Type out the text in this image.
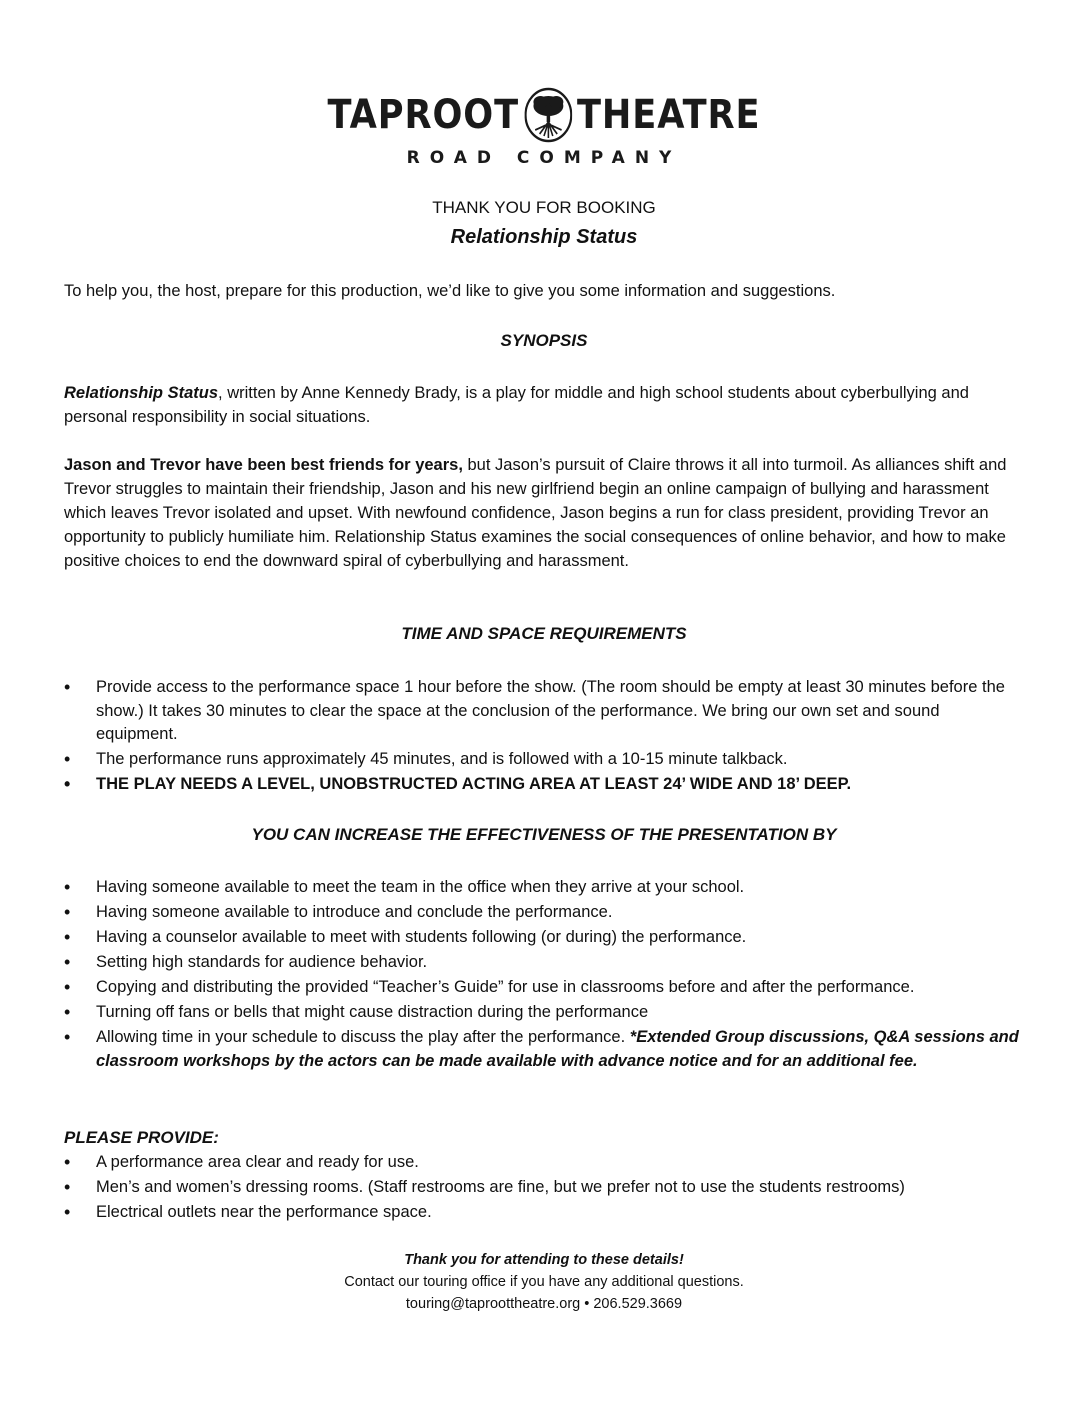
TAPROOT THEATRE
ROAD COMPANY
THANK YOU FOR BOOKING
Relationship Status
To help you, the host, prepare for this production, we’d like to give you some information and suggestions.
SYNOPSIS
Relationship Status, written by Anne Kennedy Brady, is a play for middle and high school students about cyberbullying and personal responsibility in social situations.
Jason and Trevor have been best friends for years, but Jason’s pursuit of Claire throws it all into turmoil. As alliances shift and Trevor struggles to maintain their friendship, Jason and his new girlfriend begin an online campaign of bullying and harassment which leaves Trevor isolated and upset. With newfound confidence, Jason begins a run for class president, providing Trevor an opportunity to publicly humiliate him. Relationship Status examines the social consequences of online behavior, and how to make positive choices to end the downward spiral of cyberbullying and harassment.
TIME AND SPACE REQUIREMENTS
• Provide access to the performance space 1 hour before the show. (The room should be empty at least 30 minutes before the show.) It takes 30 minutes to clear the space at the conclusion of the performance. We bring our own set and sound equipment.
• The performance runs approximately 45 minutes, and is followed with a 10-15 minute talkback.
• THE PLAY NEEDS A LEVEL, UNOBSTRUCTED ACTING AREA AT LEAST 24’ WIDE AND 18’ DEEP.
YOU CAN INCREASE THE EFFECTIVENESS OF THE PRESENTATION BY
• Having someone available to meet the team in the office when they arrive at your school.
• Having someone available to introduce and conclude the performance.
• Having a counselor available to meet with students following (or during) the performance.
• Setting high standards for audience behavior.
• Copying and distributing the provided “Teacher’s Guide” for use in classrooms before and after the performance.
• Turning off fans or bells that might cause distraction during the performance
• Allowing time in your schedule to discuss the play after the performance. *Extended Group discussions, Q&A sessions and classroom workshops by the actors can be made available with advance notice and for an additional fee.
PLEASE PROVIDE:
• A performance area clear and ready for use.
• Men’s and women’s dressing rooms. (Staff restrooms are fine, but we prefer not to use the students restrooms)
• Electrical outlets near the performance space.
Thank you for attending to these details!
Contact our touring office if you have any additional questions.
touring@taproottheatre.org • 206.529.3669
